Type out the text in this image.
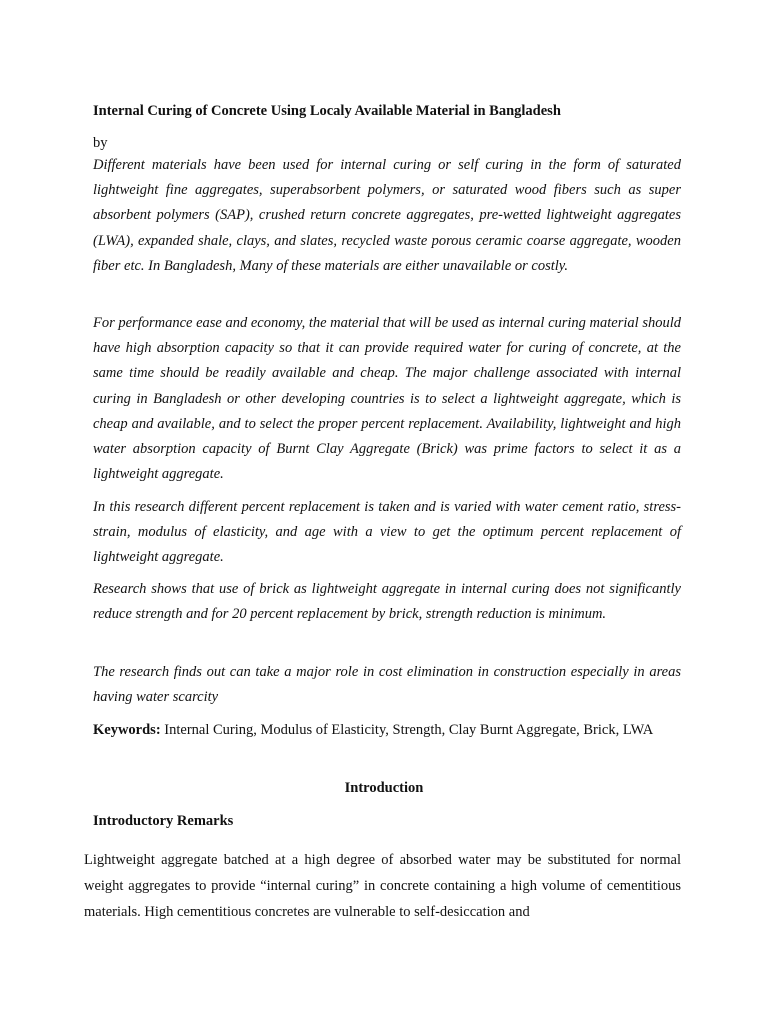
Internal Curing of Concrete Using Localy Available Material in Bangladesh
by

Different materials have been used for internal curing or self curing in the form of saturated lightweight fine aggregates, superabsorbent polymers, or saturated wood fibers such as super absorbent polymers (SAP), crushed return concrete aggregates, pre-wetted lightweight aggregates (LWA), expanded shale, clays, and slates, recycled waste porous ceramic coarse aggregate, wooden fiber etc. In Bangladesh, Many of these materials are either unavailable or costly.

For performance ease and economy, the material that will be used as internal curing material should have high absorption capacity so that it can provide required water for curing of concrete, at the same time should be readily available and cheap. The major challenge associated with internal curing in Bangladesh or other developing countries is to select a lightweight aggregate, which is cheap and available, and to select the proper percent replacement. Availability, lightweight and high water absorption capacity of Burnt Clay Aggregate (Brick) was prime factors to select it as a lightweight aggregate.

In this research different percent replacement is taken and is varied with water cement ratio, stress-strain, modulus of elasticity, and age with a view to get the optimum percent replacement of lightweight aggregate.

Research shows that use of brick as lightweight aggregate in internal curing does not significantly reduce strength and for 20 percent replacement by brick, strength reduction is minimum.

The research finds out can take a major role in cost elimination in construction especially in areas having water scarcity

Keywords: Internal Curing, Modulus of Elasticity, Strength, Clay Burnt Aggregate, Brick, LWA
Introduction
Introductory Remarks
Lightweight aggregate batched at a high degree of absorbed water may be substituted for normal weight aggregates to provide “internal curing” in concrete containing a high volume of cementitious materials. High cementitious concretes are vulnerable to self-desiccation and
